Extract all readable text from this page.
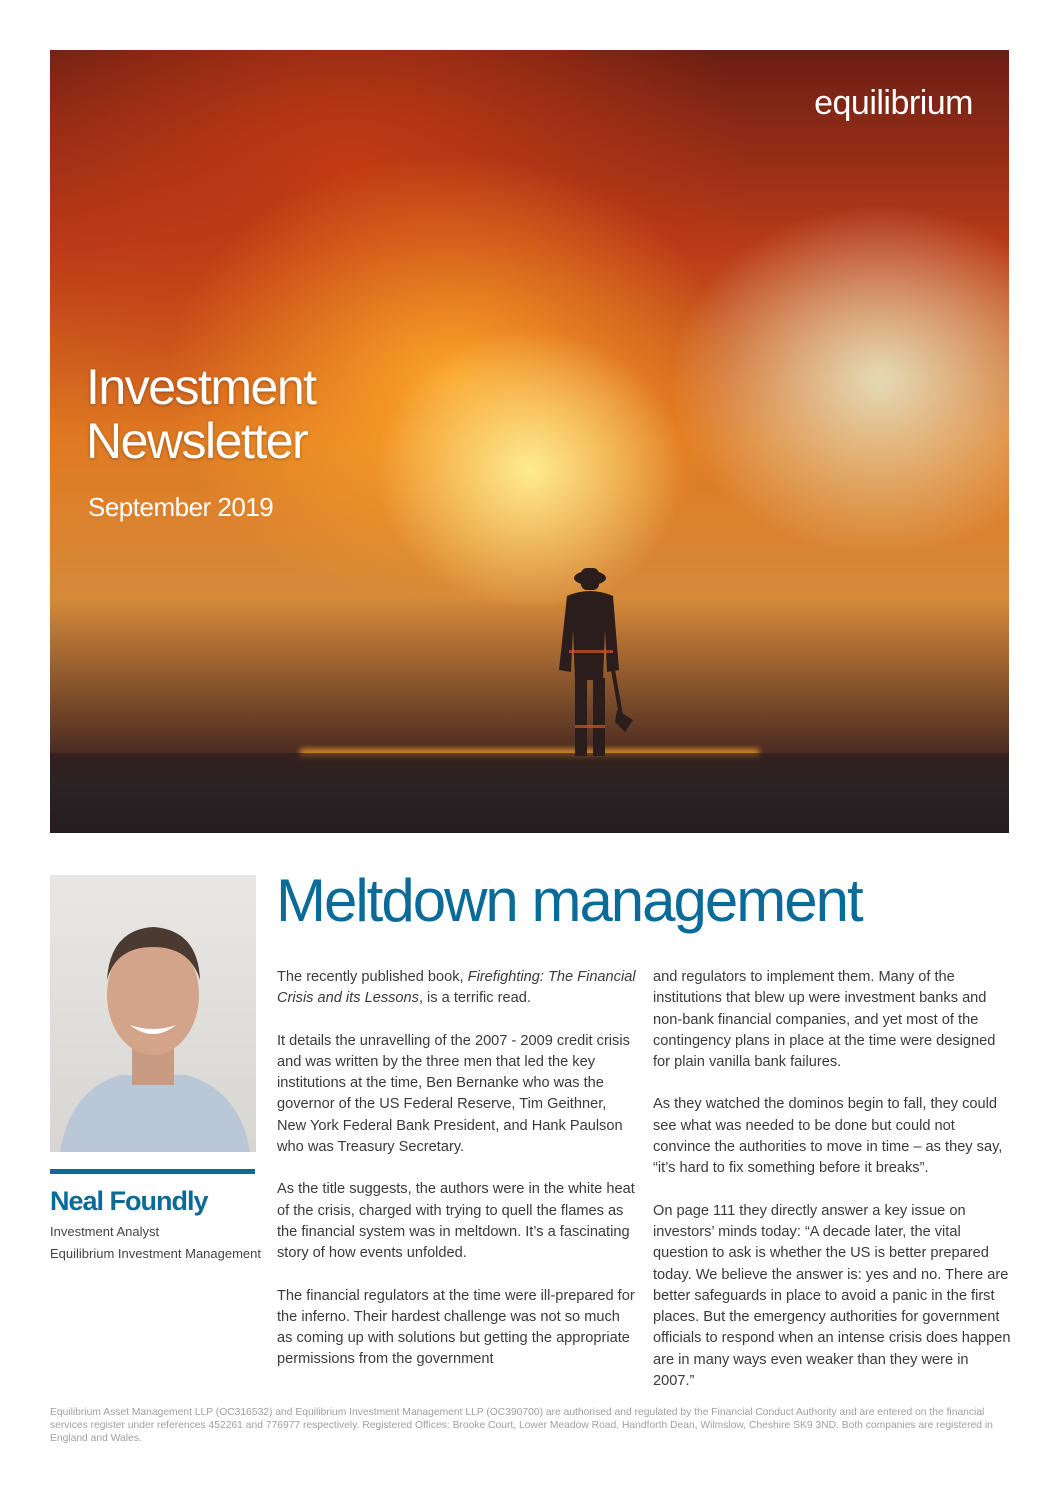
equilibrium
Investment
Newsletter
September 2019
Neal Foundly
Investment Analyst
Equilibrium Investment Management
Meltdown management

The recently published book, Firefighting: The Financial Crisis and its Lessons, is a terrific read.

It details the unravelling of the 2007 - 2009 credit crisis and was written by the three men that led the key institutions at the time, Ben Bernanke who was the governor of the US Federal Reserve, Tim Geithner, New York Federal Bank President, and Hank Paulson who was Treasury Secretary.

As the title suggests, the authors were in the white heat of the crisis, charged with trying to quell the flames as the financial system was in meltdown. It’s a fascinating story of how events unfolded.

The financial regulators at the time were ill-prepared for the inferno. Their hardest challenge was not so much as coming up with solutions but getting the appropriate permissions from the government

and regulators to implement them. Many of the institutions that blew up were investment banks and non-bank financial companies, and yet most of the contingency plans in place at the time were designed for plain vanilla bank failures.

As they watched the dominos begin to fall, they could see what was needed to be done but could not convince the authorities to move in time – as they say, “it’s hard to fix something before it breaks”.

On page 111 they directly answer a key issue on investors’ minds today: “A decade later, the vital question to ask is whether the US is better prepared today. We believe the answer is: yes and no. There are better safeguards in place to avoid a panic in the first places. But the emergency authorities for government officials to respond when an intense crisis does happen are in many ways even weaker than they were in 2007.”

Equilibrium Asset Management LLP (OC316532) and Equilibrium Investment Management LLP (OC390700) are authorised and regulated by the Financial Conduct Authority and are entered on the financial services register under references 452261 and 776977 respectively. Registered Offices: Brooke Court, Lower Meadow Road, Handforth Dean, Wilmslow, Cheshire SK9 3ND. Both companies are registered in England and Wales.
